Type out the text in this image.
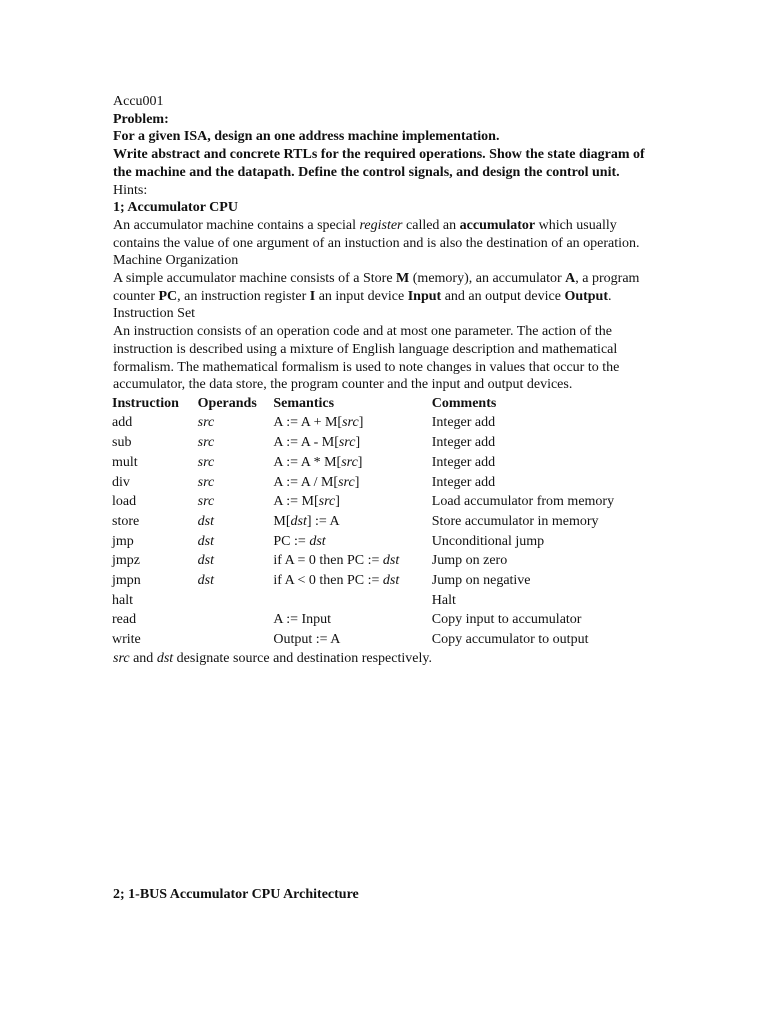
Accu001
Problem:
For a given ISA, design an one address machine implementation.
Write abstract and concrete RTLs for the required operations. Show the state diagram of the machine and the datapath. Define the control signals, and design the control unit.
Hints:
1; Accumulator CPU
An accumulator machine contains a special register called an accumulator which usually contains the value of one argument of an instuction and is also the destination of an operation.
Machine Organization
A simple accumulator machine consists of a Store M (memory), an accumulator A, a program counter PC, an instruction register I an input device Input and an output device Output.
Instruction Set
An instruction consists of an operation code and at most one parameter. The action of the instruction is described using a mixture of English language description and mathematical formalism. The mathematical formalism is used to note changes in values that occur to the accumulator, the data store, the program counter and the input and output devices.
Instruction	Operands	Semantics	Comments
add	src	A := A + M[src]	Integer add
sub	src	A := A - M[src]	Integer add
mult	src	A := A * M[src]	Integer add
div	src	A := A / M[src]	Integer add
load	src	A := M[src]	Load accumulator from memory
store	dst	M[dst] := A	Store accumulator in memory
jmp	dst	PC := dst	Unconditional jump
jmpz	dst	if A = 0 then PC := dst	Jump on zero
jmpn	dst	if A < 0 then PC := dst	Jump on negative
halt			Halt
read		A := Input	Copy input to accumulator
write		Output := A	Copy accumulator to output
src and dst designate source and destination respectively.
2; 1-BUS Accumulator CPU Architecture
